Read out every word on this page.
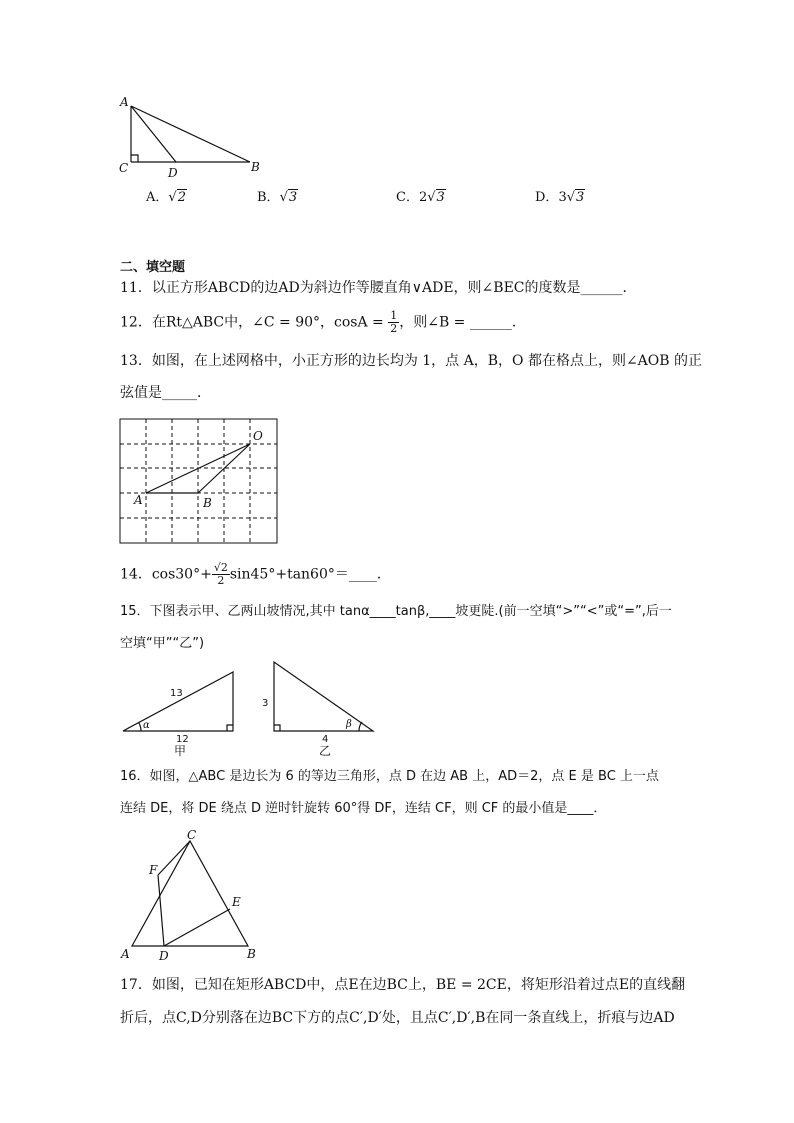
A
C	D	B
A．√2	B．√3	C．2√3	D．3√3
二、填空题
11．以正方形ABCD的边AD为斜边作等腰直角∨ADE，则∠BEC的度数是______．
12．在Rt△ABC中，∠C = 90°，$\cos A = \frac{1}{2}$ ，则∠B = ______．
13．如图，在上述网格中，小正方形的边长均为 1，点 A，B，O 都在格点上，则∠AOB 的正
弦值是_____．
O
A	B
14．$\cos 30^\circ+ \frac{√2}{2}$ sin45°+tan60°＝____．
15．下图表示甲、乙两山坡情况,其中 tanα____tanβ,____坡更陡.(前一空填“>”“<”或“=”,后一
空填“甲”“乙”)
13
12
α
甲
3
4
β
乙
16．如图，△ABC 是边长为 6 的等边三角形，点 D 在边 AB 上，AD＝2，点 E 是 BC 上一点
连结 DE，将 DE 绕点 D 逆时针旋转 60°得 DF，连结 CF，则 CF 的最小值是____．
C
F
E
A D	B
17．如图，已知在矩形ABCD中，点E在边BC上，BE = 2CE，将矩形沿着过点E的直线翻
折后，点C,D分别落在边BC下方的点C′,D′处，且点C′,D′,B在同一条直线上，折痕与边AD
